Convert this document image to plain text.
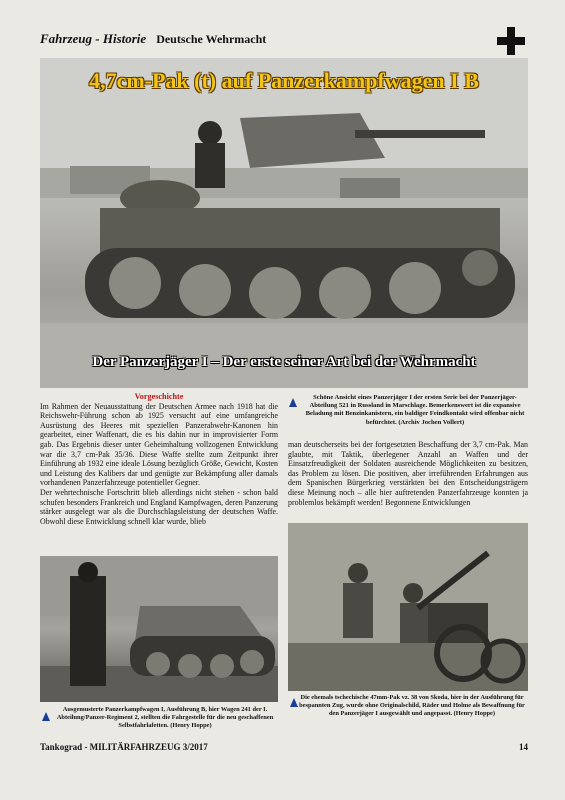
Fahrzeug - Historie Deutsche Wehrmacht
4,7cm-Pak (t) auf Panzerkampfwagen I B
Der Panzerjäger I – Der erste seiner Art bei der Wehrmacht
Vorgeschichte
Im Rahmen der Neuausstattung der Deutschen Armee nach 1918 hat die Reichswehr-Führung schon ab 1925 versucht auf eine umfangreiche Ausrüstung des Heeres mit speziellen Panzerabwehr-Kanonen hin gearbeitet, einer Waffenart, die es bis dahin nur in improvisierter Form gab. Das Ergebnis dieser unter Geheimhaltung vollzogenen Entwicklung war die 3,7 cm-Pak 35/36. Diese Waffe stellte zum Zeitpunkt ihrer Einführung ab 1932 eine ideale Lösung bezüglich Größe, Gewicht, Kosten und Leistung des Kalibers dar und genügte zur Bekämpfung aller damals vorhandenen Panzerfahrzeuge potentieller Gegner.
Der wehrtechnische Fortschritt blieb allerdings nicht stehen - schon bald schufen besonders Frankreich und England Kampfwagen, deren Panzerung stärker ausgelegt war als die Durchschlagsleistung der deutschen Waffe. Obwohl diese Entwicklung schnell klar wurde, blieb
Schöne Ansicht eines Panzerjäger I der ersten Serie bei der Panzerjäger-Abteilung 521 in Russland in Marschlage. Bemerkenswert ist die expansive Beladung mit Benzinkanistern, ein baldiger Feindkontakt wird offenbar nicht befürchtet. (Archiv Jochen Vollert)
man deutscherseits bei der fortgesetzten Beschaffung der 3,7 cm-Pak. Man glaubte, mit Taktik, überlegener Anzahl an Waffen und der Einsatzfreudigkeit der Soldaten ausreichende Möglichkeiten zu besitzen, das Problem zu lösen. Die positiven, aber irreführenden Erfahrungen aus dem Spanischen Bürgerkrieg verstärkten bei den Entscheidungsträgern diese Meinung noch – alle hier auftretenden Panzerfahrzeuge konnten ja problemlos bekämpft werden! Begonnene Entwicklungen
Ausgemusterte Panzerkampfwagen I, Ausführung B, hier Wagen 241 der I. Abteilung/Panzer-Regiment 2, stellten die Fahrgestelle für die neu geschaffenen Selbstfahrlafetten. (Henry Hoppe)
Die ehemals tschechische 47mm-Pak vz. 38 von Skoda, hier in der Ausführung für bespannten Zug, wurde ohne Originalschild, Räder und Holme als Bewaffnung für den Panzerjäger I ausgewählt und angepasst. (Henry Hoppe)
Tankograd - MILITÄRFAHRZEUG 3/2017	14
